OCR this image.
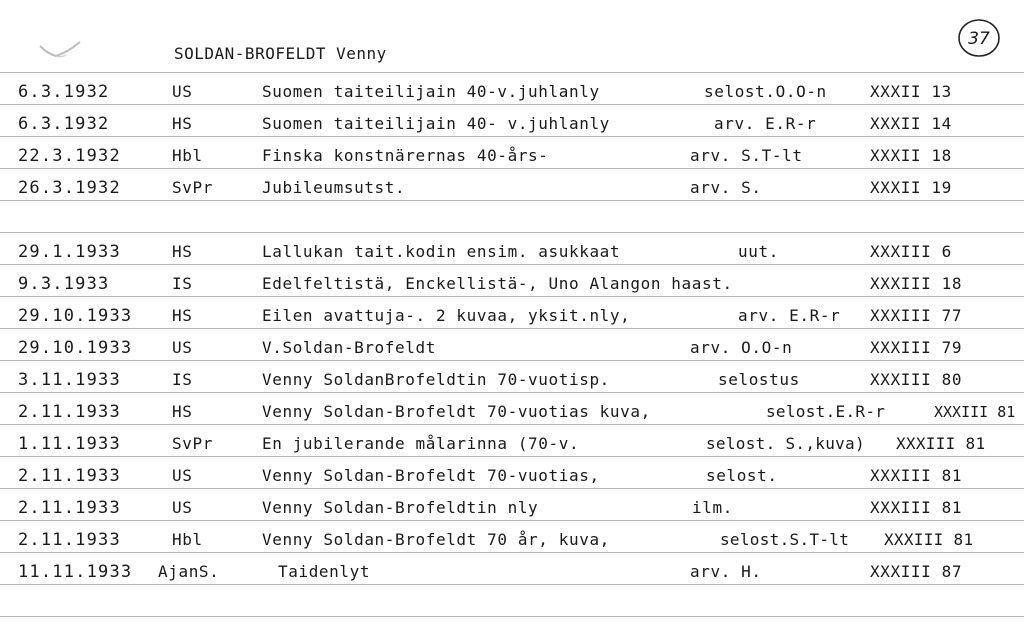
SOLDAN-BROFELDT Venny
37
6.3.1932	US	Suomen taiteilijain 40-v.juhlanly	selost.O.O-n	XXXII 13
6.3.1932	HS	Suomen taiteilijain 40- v.juhlanly	arv. E.R-r	XXXII 14
22.3.1932	Hbl	Finska konstnärernas 40-års-	arv. S.T-lt	XXXII 18
26.3.1932	SvPr	Jubileumsutst.	arv. S.	XXXII 19
29.1.1933	HS	Lallukan tait.kodin ensim. asukkaat	uut.	XXXIII 6
9.3.1933	IS	Edelfeltistä, Enckellistä-, Uno Alangon haast.	XXXIII 18
29.10.1933 HS	Eilen avattuja-. 2 kuvaa, yksit.nly,	arv. E.R-r XXXIII 77
29.10.1933 US	V.Soldan-Brofeldt	arv. O.O-n	XXXIII 79
3.11.1933	IS	Venny SoldanBrofeldtin 70-vuotisp.	selostus	XXXIII 80
2.11.1933	HS	Venny Soldan-Brofeldt 70-vuotias kuva,	selost.E.R-r	XXXIII 81
1.11.1933	SvPr	En jubilerande målarinna (70-v.	selost. S.,kuva) XXXIII 81
2.11.1933	US	Venny Soldan-Brofeldt 70-vuotias,	selost.	XXXIII 81
2.11.1933	US	Venny Soldan-Brofeldtin nly	ilm.	XXXIII 81
2.11.1933	Hbl	Venny Soldan-Brofeldt 70 år, kuva,	selost.S.T-lt XXXIII 81
11.11.1933 AjanS.	Taidenlyt	arv. H.	XXXIII 87
